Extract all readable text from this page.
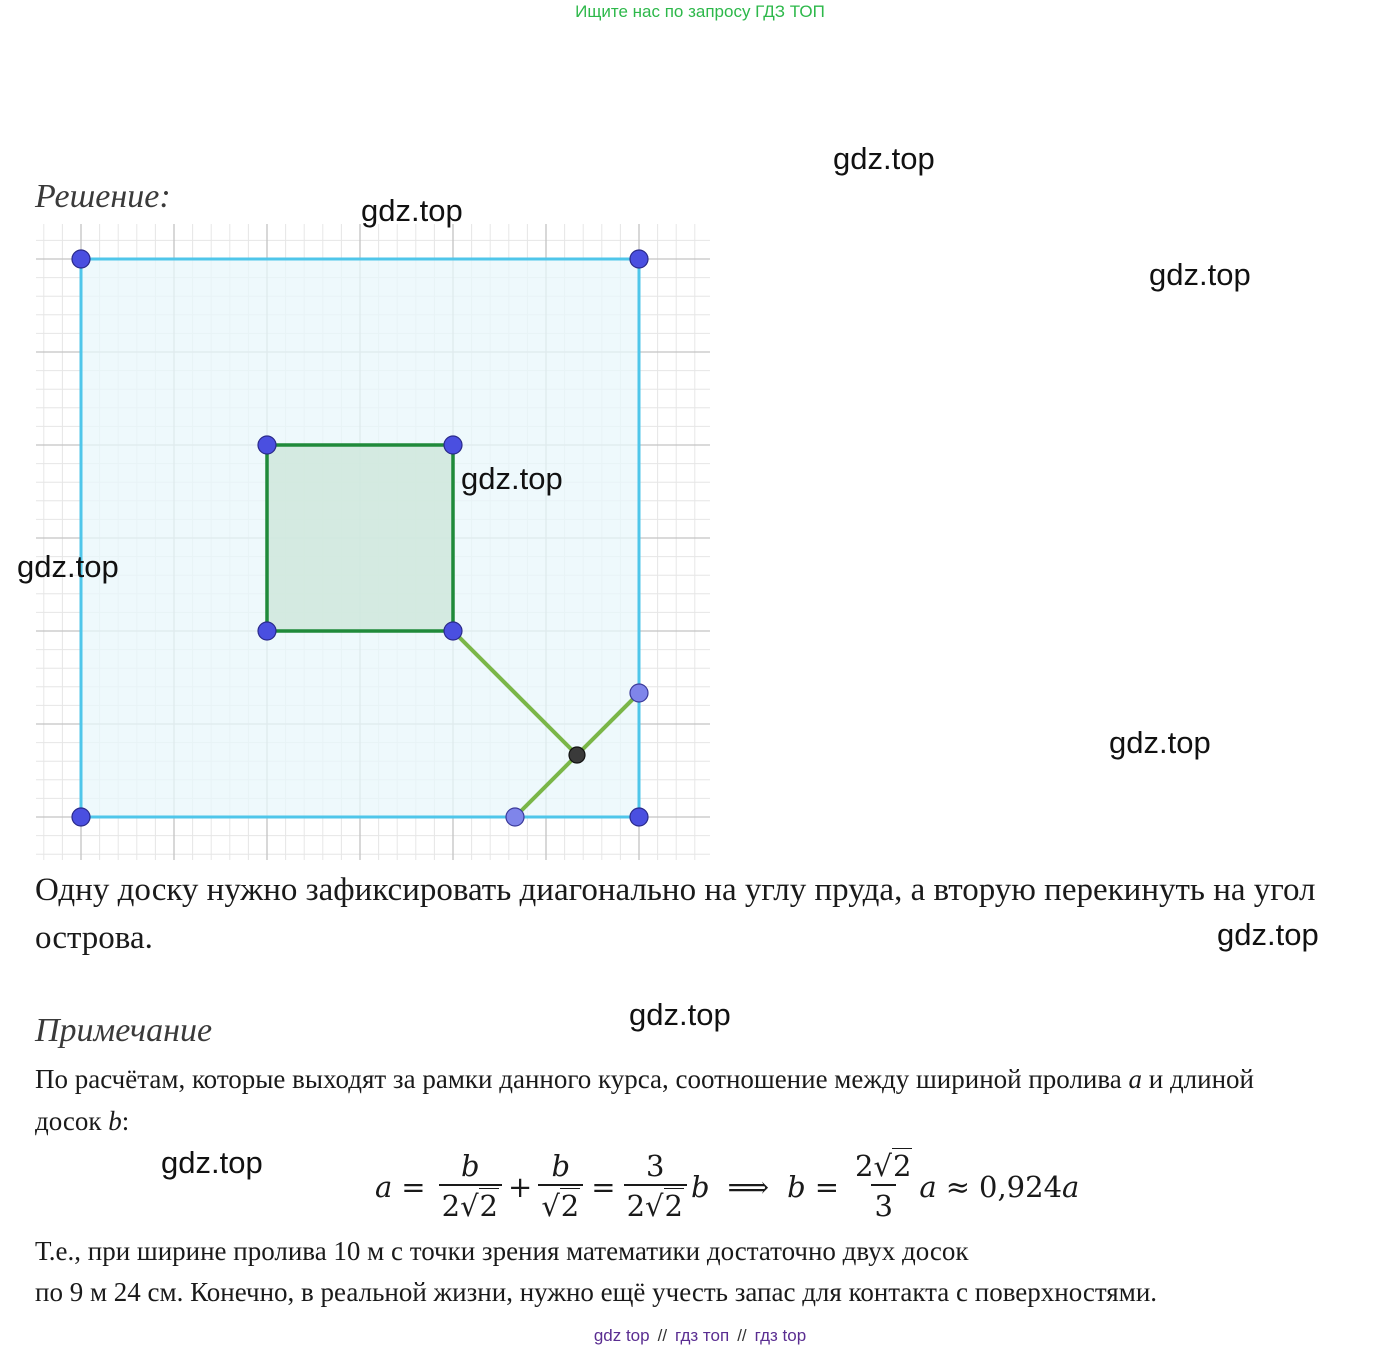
Ищите нас по запросу ГДЗ ТОП
Решение:
gdz.top
gdz.top
gdz.top
gdz.top
gdz.top
gdz.top
gdz.top
gdz.top
gdz.top
Одну доску нужно зафиксировать диагонально на углу пруда, а вторую перекинуть на угол острова.
Примечание
По расчётам, которые выходят за рамки данного курса, соотношение между шириной пролива a и длиной досок b:
$a = \frac{b}{2√2} + \frac{b}{√2} = \frac{3}{2√2}$ b ⟹ $b = \frac{2√2}{3}$ a ≈ 0,924 a
Т.е., при ширине пролива 10 м с точки зрения математики достаточно двух досок
по 9 м 24 см. Конечно, в реальной жизни, нужно ещё учесть запас для контакта с поверхностями.
gdz top // гдз топ // гдз top
